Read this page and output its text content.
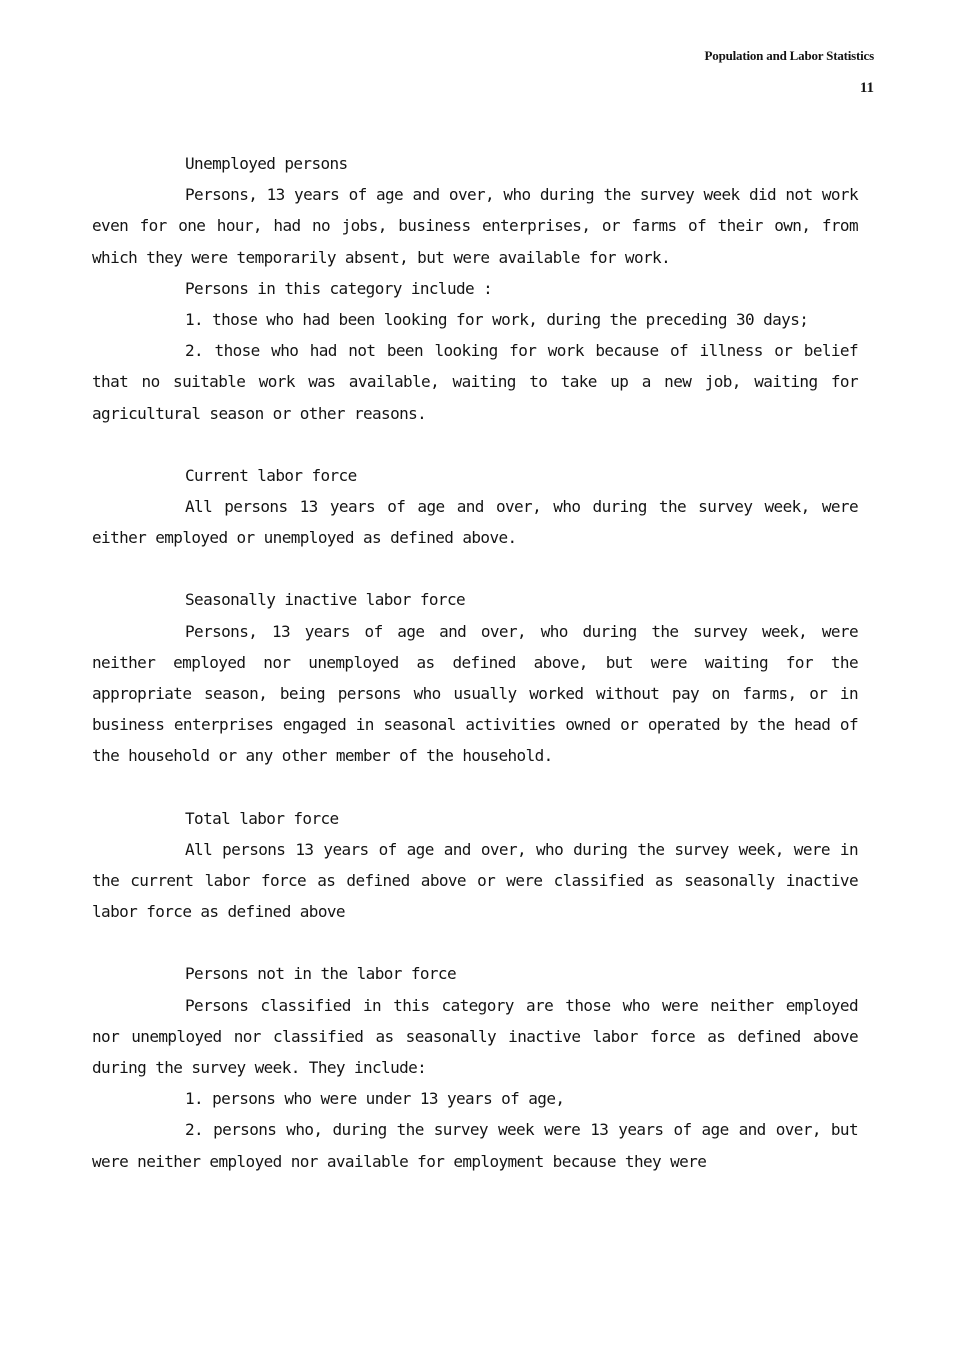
Population and Labor Statistics
11
Unemployed persons

Persons, 13 years of age and over, who during the survey week did not work even for one hour, had no jobs, business enterprises, or farms of their own, from which they were temporarily absent, but were available for work.

Persons in this category include :

1. those who had been looking for work, during the preceding 30 days;

2. those who had not been looking for work because of illness or belief that no suitable work was available, waiting to take up a new job, waiting for agricultural season or other reasons.

Current labor force

All persons 13 years of age and over, who during the survey week, were either employed or unemployed as defined above.

Seasonally inactive labor force

Persons, 13 years of age and over, who during the survey week, were neither employed nor unemployed as defined above, but were waiting for the appropriate season, being persons who usually worked without pay on farms, or in business enterprises engaged in seasonal activities owned or operated by the head of the household or any other member of the household.

Total labor force

All persons 13 years of age and over, who during the survey week, were in the current labor force as defined above or were classified as seasonally inactive labor force as defined above

Persons not in the labor force

Persons classified in this category are those who were neither employed nor unemployed nor classified as seasonally inactive labor force as defined above during the survey week. They include:

1. persons who were under 13 years of age,

2. persons who, during the survey week were 13 years of age and over, but were neither employed nor available for employment because they were
